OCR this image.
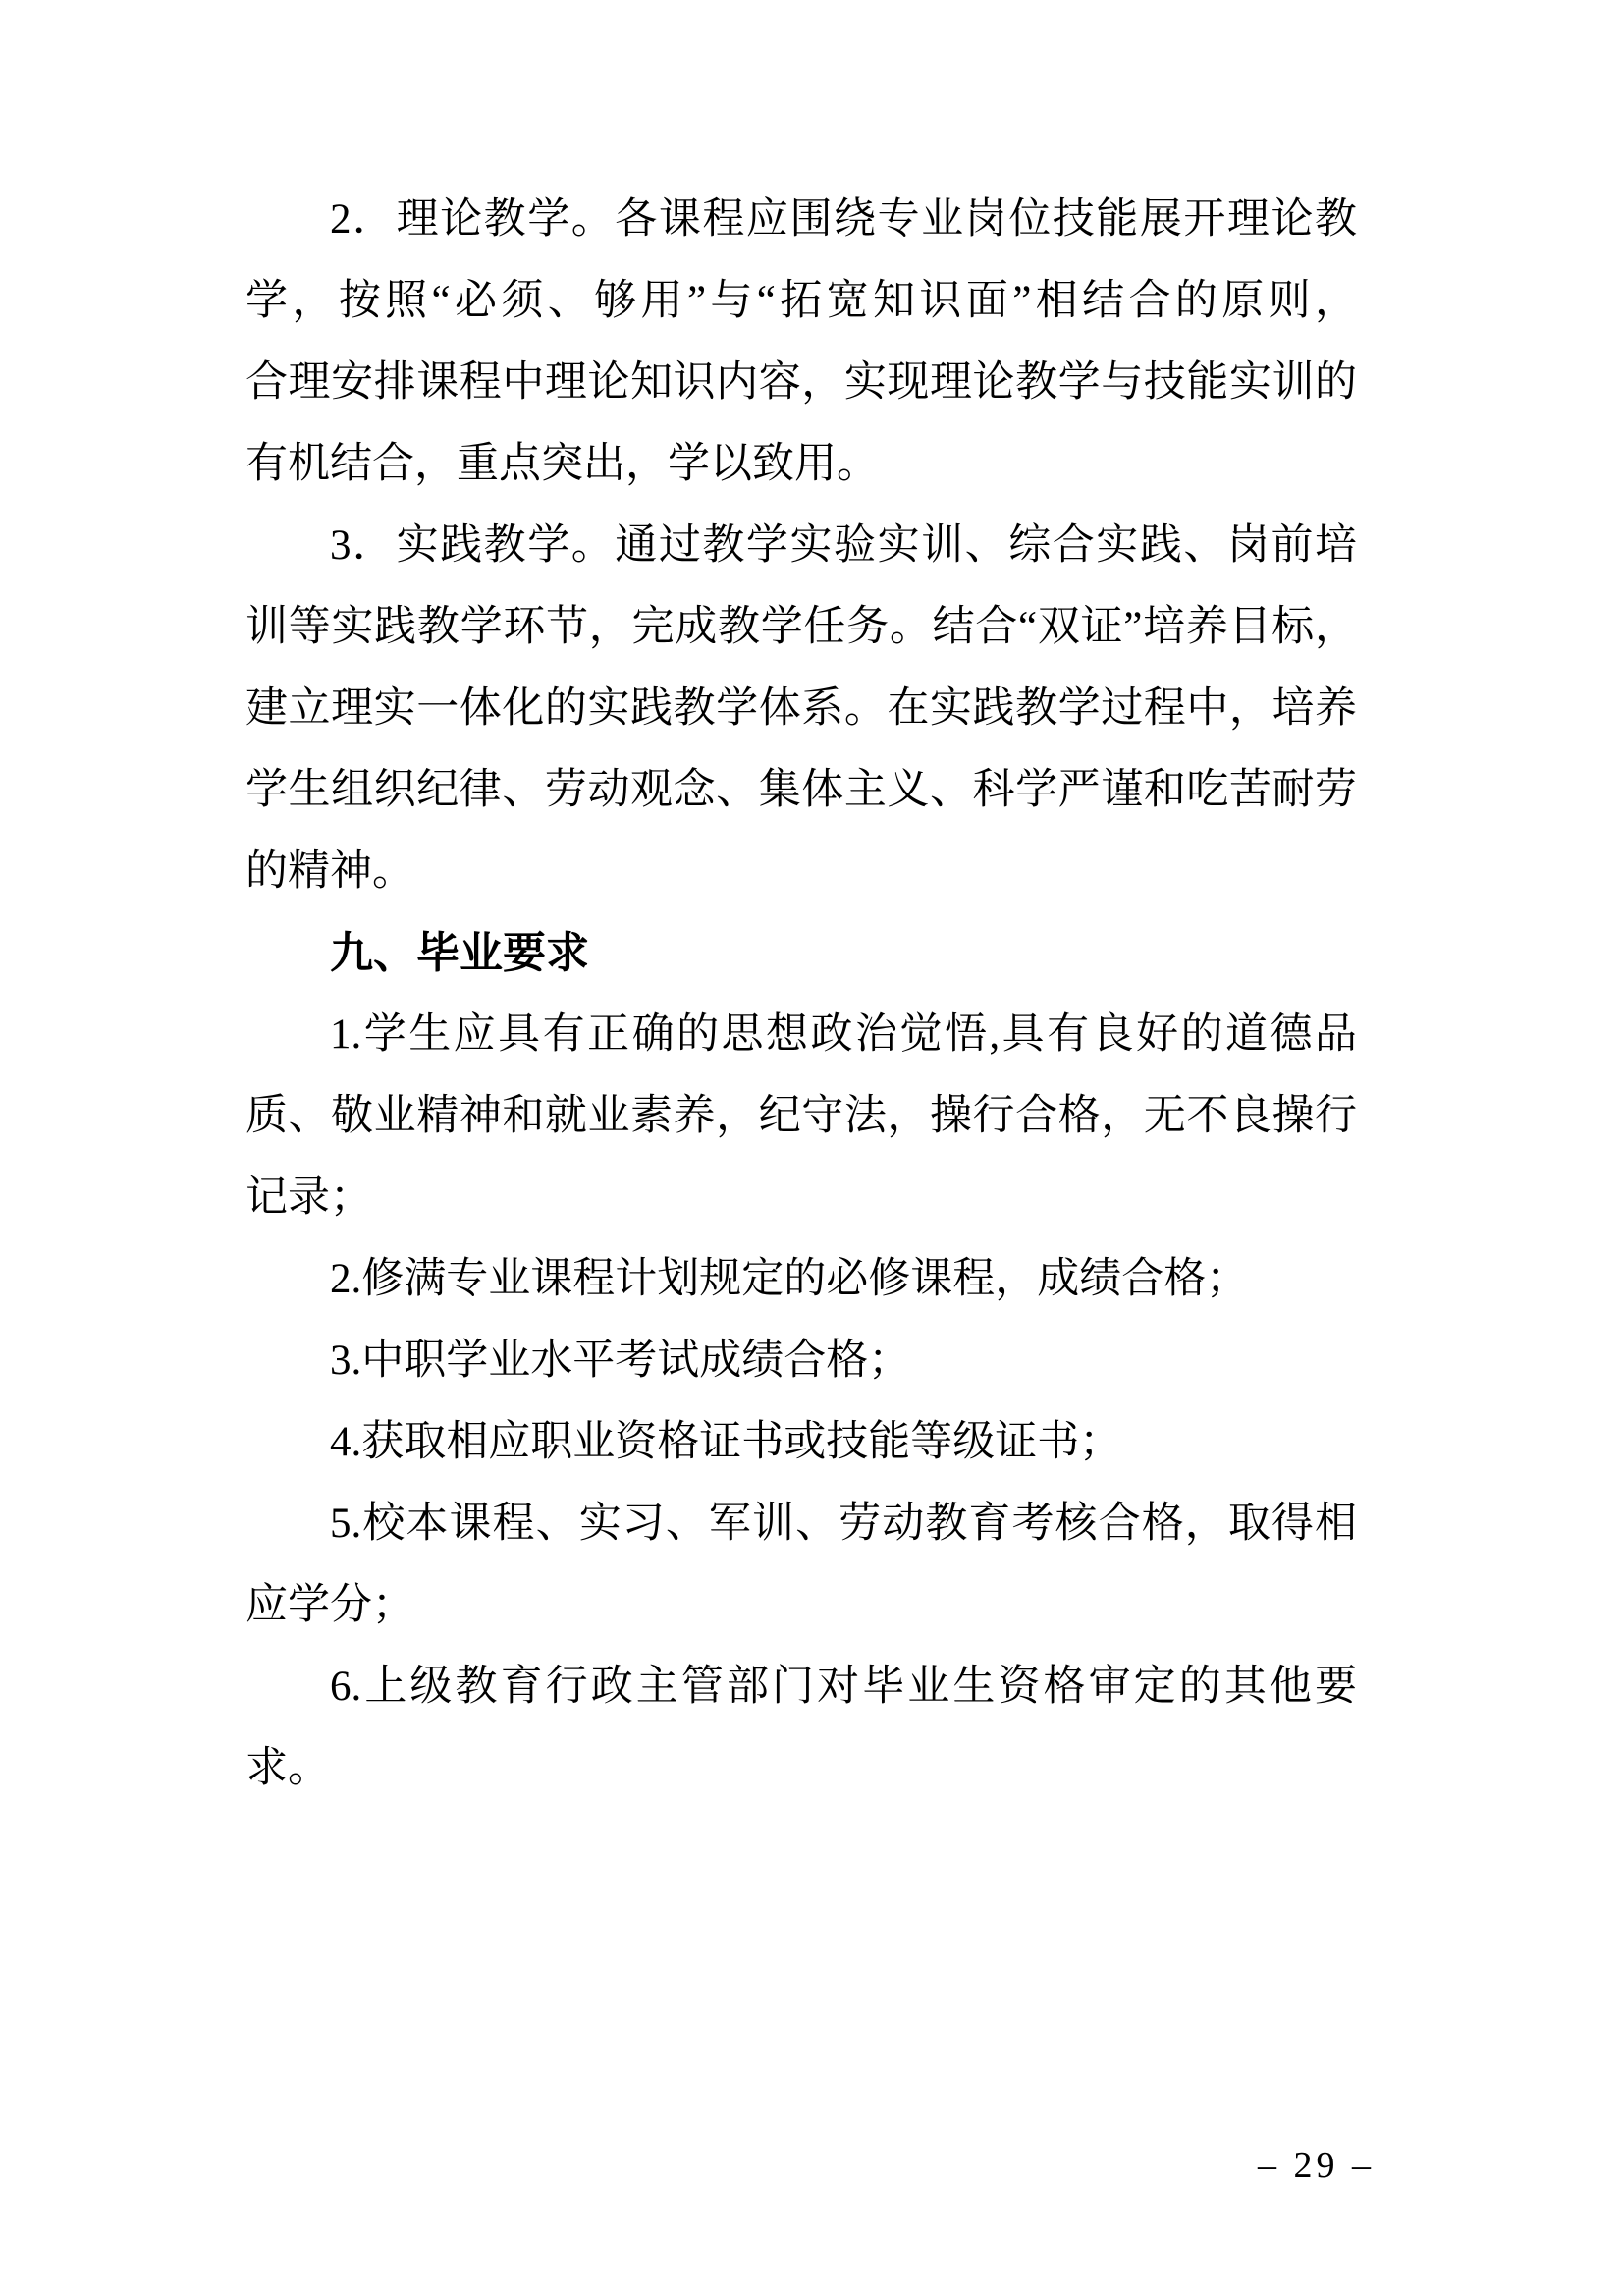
2．理论教学。各课程应围绕专业岗位技能展开理论教
学，按照“必须、够用”与“拓宽知识面”相结合的原则，
合理安排课程中理论知识内容，实现理论教学与技能实训的
有机结合，重点突出，学以致用。
3．实践教学。通过教学实验实训、综合实践、岗前培
训等实践教学环节，完成教学任务。结合“双证”培养目标，
建立理实一体化的实践教学体系。在实践教学过程中，培养
学生组织纪律、劳动观念、集体主义、科学严谨和吃苦耐劳
的精神。
九、毕业要求
1.学生应具有正确的思想政治觉悟,具有良好的道德品
质、敬业精神和就业素养，纪守法，操行合格，无不良操行
记录；
2.修满专业课程计划规定的必修课程，成绩合格；
3.中职学业水平考试成绩合格；
4.获取相应职业资格证书或技能等级证书；
5.校本课程、实习、军训、劳动教育考核合格，取得相
应学分；
6.上级教育行政主管部门对毕业生资格审定的其他要
求。
– 29 –
